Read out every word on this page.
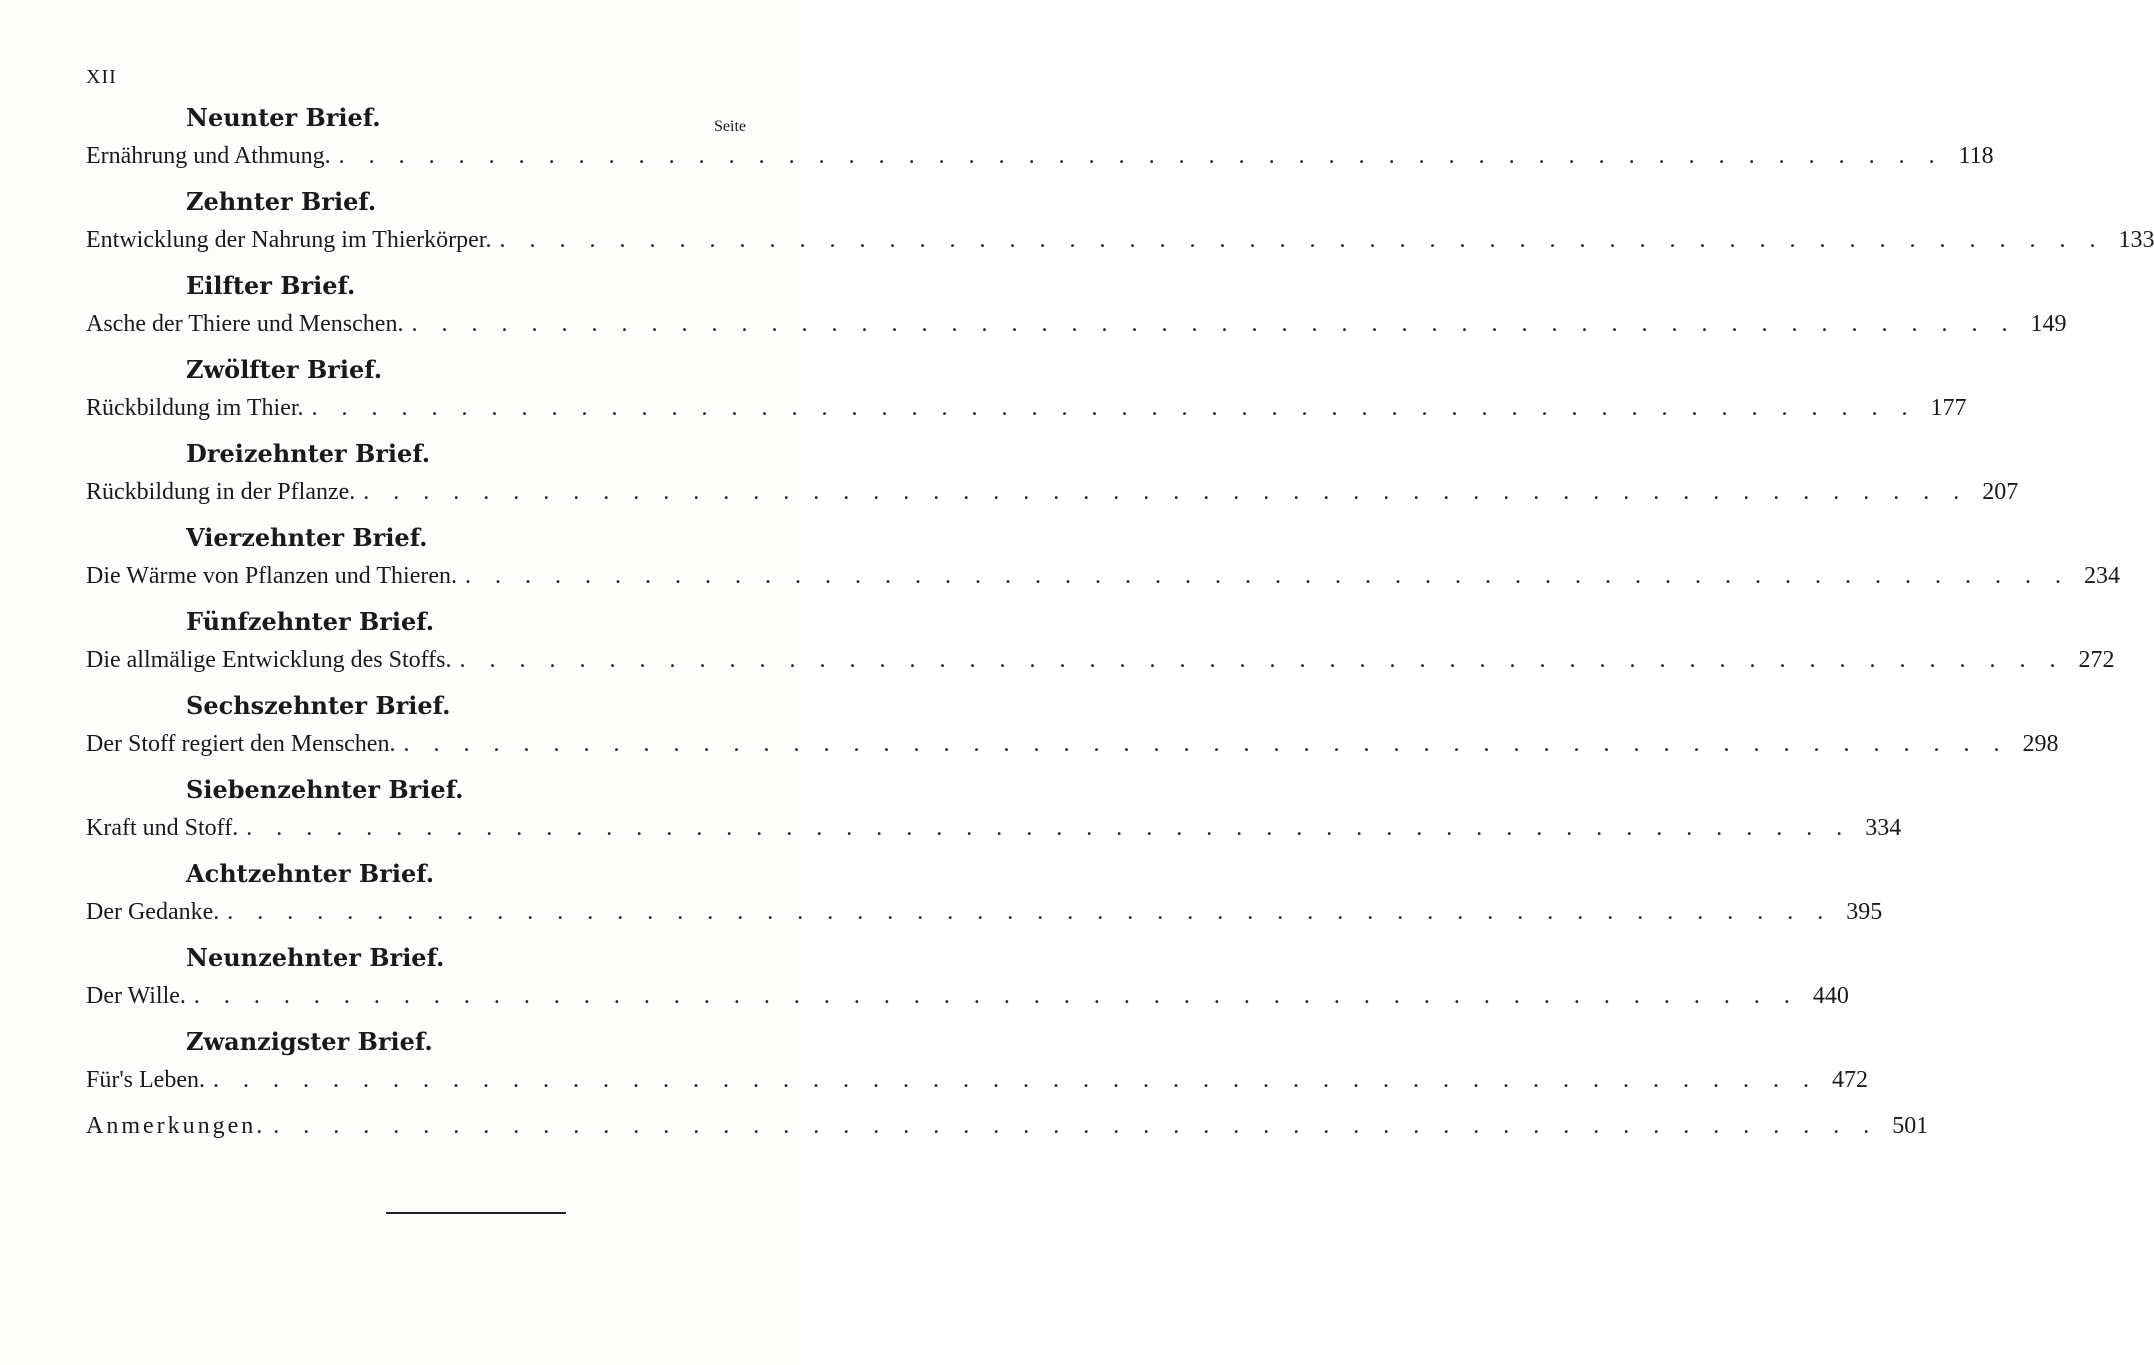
XII
Neunter Brief.	Seite
Ernährung und Athmung. . . . . . . . . . . . . . . . . . . . . . . . . . . . . . . . . . . . . . . . . . . . . . . . . . . . . . . 118
Zehnter Brief.
Entwicklung der Nahrung im Thierkörper. . . . . . . . . . . . . . . . . . . . . . . . . . . . . . . . . . . . . . . . . . . . . . . . . . . . . . . 133
Eilfter Brief.
Asche der Thiere und Menschen. . . . . . . . . . . . . . . . . . . . . . . . . . . . . . . . . . . . . . . . . . . . . . . . . . . . . . . 149
Zwölfter Brief.
Rückbildung im Thier. . . . . . . . . . . . . . . . . . . . . . . . . . . . . . . . . . . . . . . . . . . . . . . . . . . . . . . 177
Dreizehnter Brief.
Rückbildung in der Pflanze. . . . . . . . . . . . . . . . . . . . . . . . . . . . . . . . . . . . . . . . . . . . . . . . . . . . . . . 207
Vierzehnter Brief.
Die Wärme von Pflanzen und Thieren. . . . . . . . . . . . . . . . . . . . . . . . . . . . . . . . . . . . . . . . . . . . . . . . . . . . . . . 234
Fünfzehnter Brief.
Die allmälige Entwicklung des Stoffs. . . . . . . . . . . . . . . . . . . . . . . . . . . . . . . . . . . . . . . . . . . . . . . . . . . . . . . 272
Sechszehnter Brief.
Der Stoff regiert den Menschen. . . . . . . . . . . . . . . . . . . . . . . . . . . . . . . . . . . . . . . . . . . . . . . . . . . . . . . 298
Siebenzehnter Brief.
Kraft und Stoff. . . . . . . . . . . . . . . . . . . . . . . . . . . . . . . . . . . . . . . . . . . . . . . . . . . . . . . 334
Achtzehnter Brief.
Der Gedanke. . . . . . . . . . . . . . . . . . . . . . . . . . . . . . . . . . . . . . . . . . . . . . . . . . . . . . . 395
Neunzehnter Brief.
Der Wille. . . . . . . . . . . . . . . . . . . . . . . . . . . . . . . . . . . . . . . . . . . . . . . . . . . . . . . 440
Zwanzigster Brief.
Für's Leben. . . . . . . . . . . . . . . . . . . . . . . . . . . . . . . . . . . . . . . . . . . . . . . . . . . . . . . 472
Anmerkungen. . . . . . . . . . . . . . . . . . . . . . . . . . . . . . . . . . . . . . . . . . . . . . . . . . . . . . . 501
